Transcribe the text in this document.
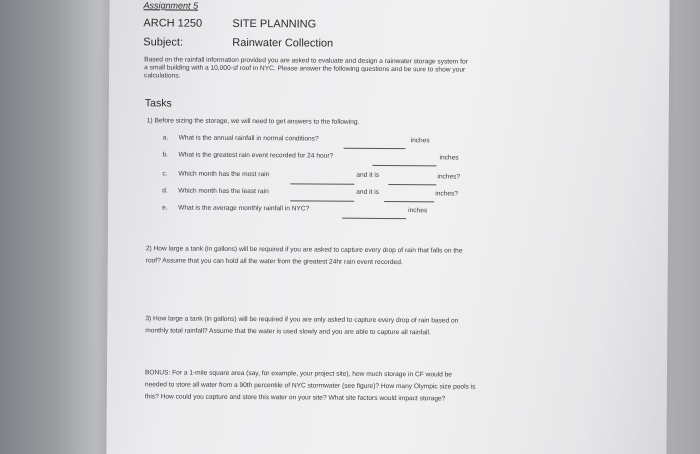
Assignment 5
ARCH 1250	SITE PLANNING
Subject:	Rainwater Collection
Based on the rainfall information provided you are asked to evaluate and design a rainwater storage system for
a small building with a 10,000-sf roof in NYC. Please answer the following questions and be sure to show your
calculations.
Tasks
1) Before sizing the storage, we will need to get answers to the following.
a. What is the annual rainfall in normal conditions?	inches
b. What is the greatest rain event recorded for 24 hour?	inches
c. Which month has the most rain	and it is	inches?
d. Which month has the least rain	and it is	inches?
e. What is the average monthly rainfall in NYC?	inches
2) How large a tank (in gallons) will be required if you are asked to capture every drop of rain that falls on the
roof? Assume that you can hold all the water from the greatest 24hr rain event recorded.
3) How large a tank (in gallons) will be required if you are only asked to capture every drop of rain based on
monthly total rainfall? Assume that the water is used slowly and you are able to capture all rainfall.
BONUS: For a 1-mile square area (say, for example, your project site), how much storage in CF would be
needed to store all water from a 90th percentile of NYC stormwater (see figure)? How many Olympic size pools is
this? How could you capture and store this water on your site? What site factors would impact storage?
